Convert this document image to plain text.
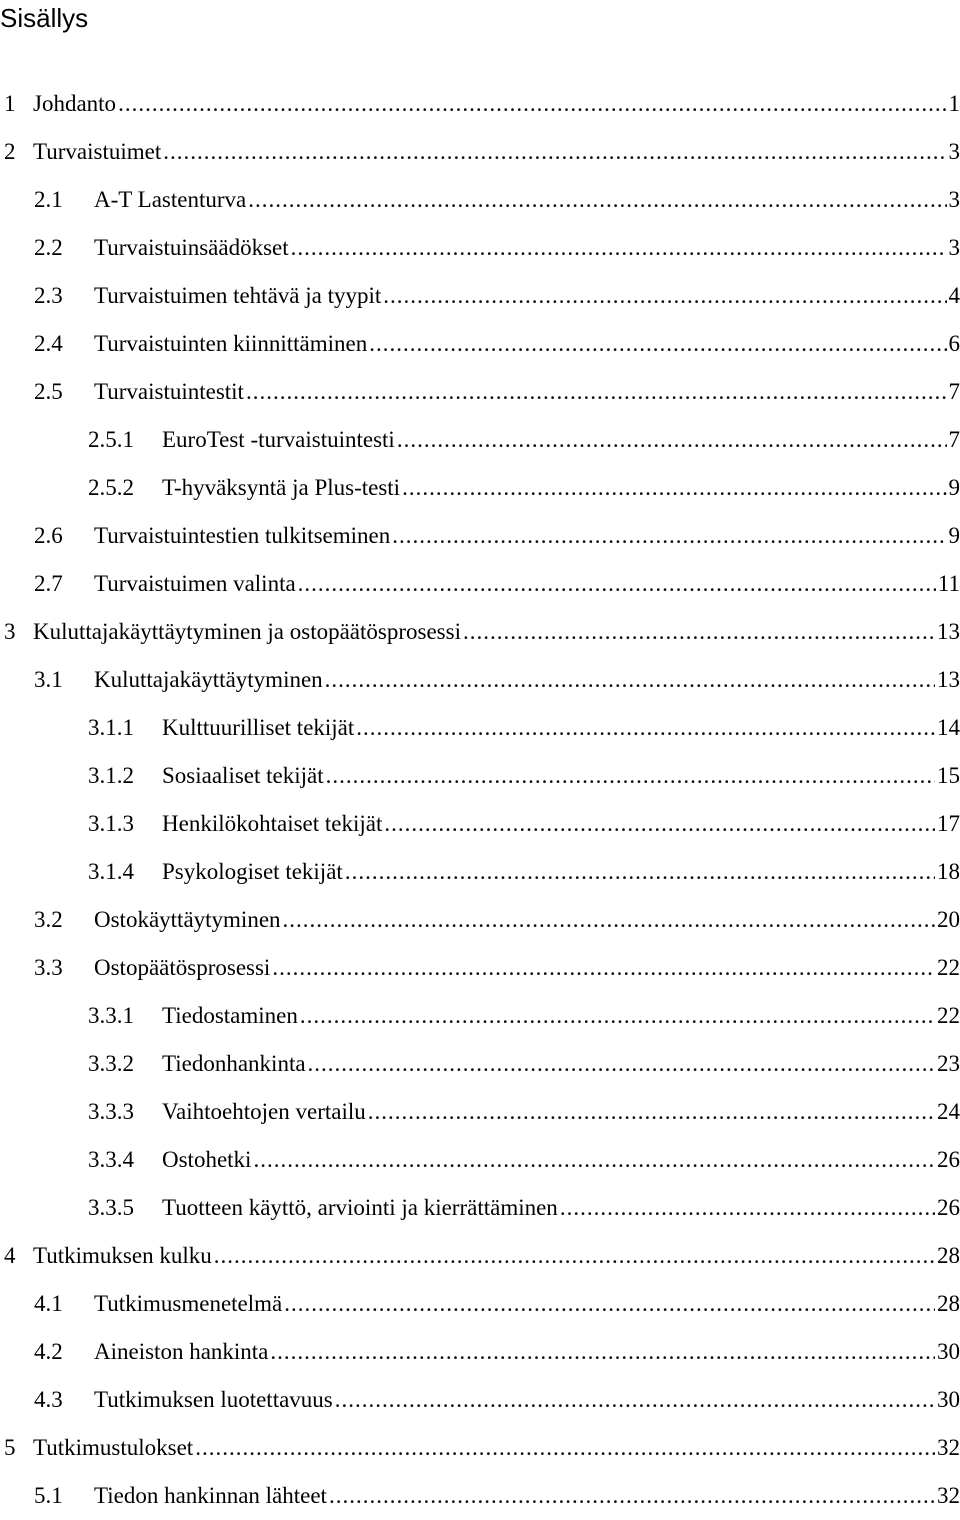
Sisällys
1 Johdanto .....	1
2 Turvaistuimet .....	3
2.1	A-T Lastenturva .....	3
2.2	Turvaistuinsäädökset .....	3
2.3	Turvaistuimen tehtävä ja tyypit .....	4
2.4	Turvaistuinten kiinnittäminen .....	6
2.5	Turvaistuintestit .....	7
2.5.1	EuroTest -turvaistuintesti .....	7
2.5.2	T-hyväksyntä ja Plus-testi .....	9
2.6	Turvaistuintestien tulkitseminen .....	9
2.7	Turvaistuimen valinta .....	11
3 Kuluttajakäyttäytyminen ja ostopäätösprosessi .....	13
3.1	Kuluttajakäyttäytyminen .....	13
3.1.1	Kulttuurilliset tekijät .....	14
3.1.2	Sosiaaliset tekijät .....	15
3.1.3	Henkilökohtaiset tekijät .....	17
3.1.4	Psykologiset tekijät .....	18
3.2	Ostokäyttäytyminen .....	20
3.3	Ostopäätösprosessi .....	22
3.3.1	Tiedostaminen .....	22
3.3.2	Tiedonhankinta .....	23
3.3.3	Vaihtoehtojen vertailu .....	24
3.3.4	Ostohetki .....	26
3.3.5	Tuotteen käyttö, arviointi ja kierrättäminen .....	26
4 Tutkimuksen kulku .....	28
4.1	Tutkimusmenetelmä .....	28
4.2	Aineiston hankinta .....	30
4.3	Tutkimuksen luotettavuus .....	30
5 Tutkimustulokset .....	32
5.1	Tiedon hankinnan lähteet .....	32
